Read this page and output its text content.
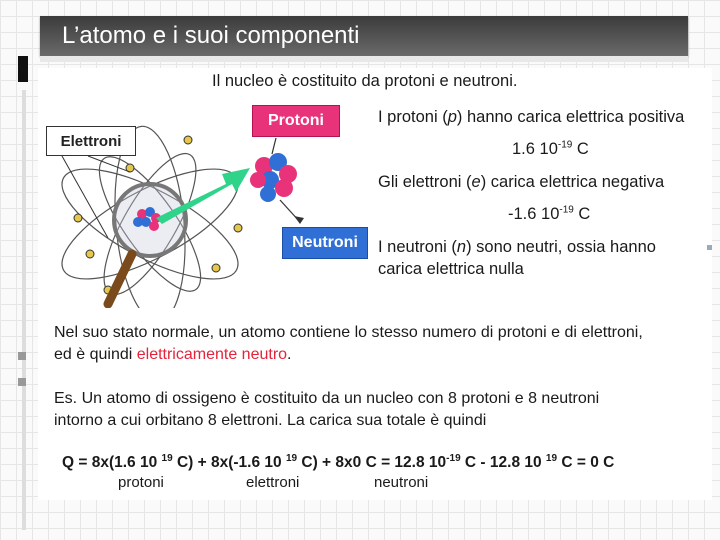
L’atomo e i suoi componenti
Elettroni
Protoni
Neutroni
Il nucleo è costituito da protoni e neutroni.
I protoni (p) hanno carica elettrica positiva
1.6 $10^{-19}$ C
Gli elettroni (e) carica elettrica negativa
-1.6 $10^{-19}$ C
I neutroni (n) sono neutri, ossia hanno
carica elettrica nulla
Nel suo stato normale, un atomo contiene lo stesso numero di protoni e di elettroni,
ed è quindi elettricamente neutro.
Es. Un atomo di ossigeno è costituito da un nucleo con 8 protoni e 8 neutroni
intorno a cui orbitano 8 elettroni. La carica sua totale è quindi
Q = 8x(1.6 10 $^{19}$ C) + 8x(-1.6 10 $^{19}$ C) + 8x0 C = 12.8 $10^{-19}$ C - 12.8 10 $^{19}$ C = 0 C
protoni	elettroni	neutroni
